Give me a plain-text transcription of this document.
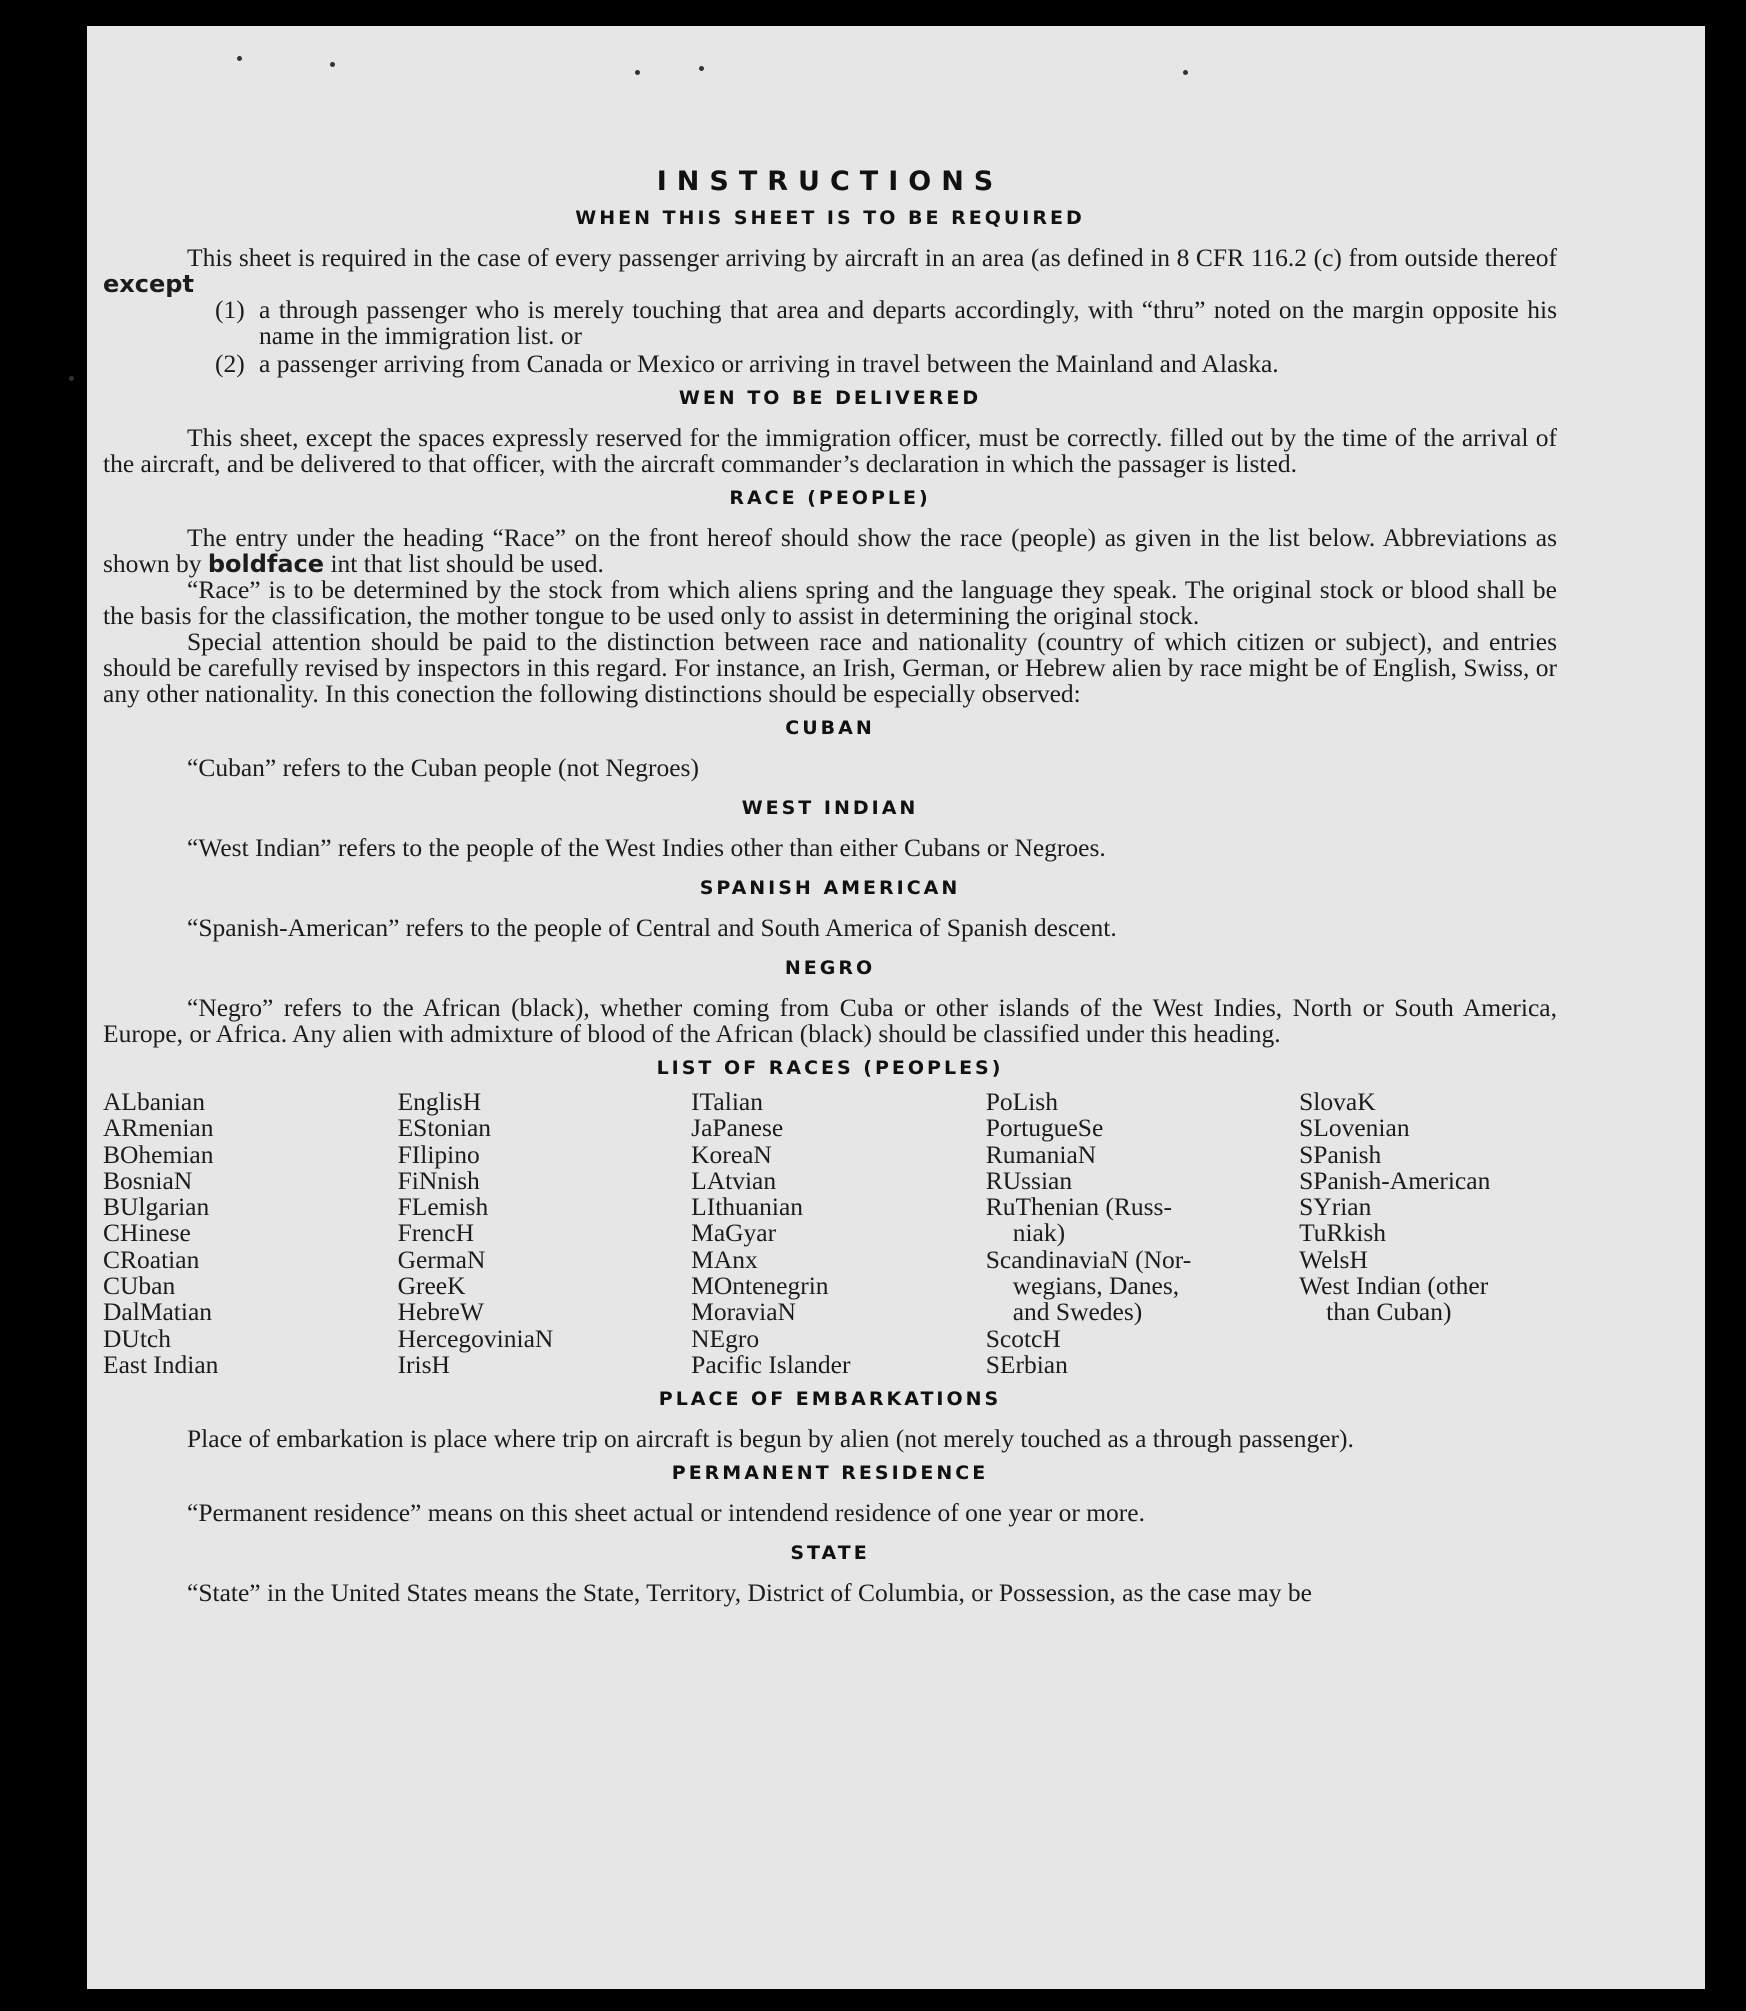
INSTRUCTIONS
WHEN THIS SHEET IS TO BE REQUIRED

This sheet is required in the case of every passenger arriving by aircraft in an area (as defined in 8 CFR 116.2 (c) from outside thereof except

(1) a through passenger who is merely touching that area and departs accordingly, with “thru” noted on the margin opposite his name in the immigration list. or
(2) a passenger arriving from Canada or Mexico or arriving in travel between the Mainland and Alaska.
WEN TO BE DELIVERED

This sheet, except the spaces expressly reserved for the immigration officer, must be correctly. filled out by the time of the arrival of the aircraft, and be delivered to that officer, with the aircraft commander’s declaration in which the passager is listed.

RACE (PEOPLE)

The entry under the heading “Race” on the front hereof should show the race (people) as given in the list below. Abbreviations as shown by boldface int that list should be used.

“Race” is to be determined by the stock from which aliens spring and the language they speak. The original stock or blood shall be the basis for the classification, the mother tongue to be used only to assist in determining the original stock.

Special attention should be paid to the distinction between race and nationality (country of which citizen or subject), and entries should be carefully revised by inspectors in this regard. For instance, an Irish, German, or Hebrew alien by race might be of English, Swiss, or any other nationality. In this conection the following distinctions should be especially observed:

CUBAN

“Cuban” refers to the Cuban people (not Negroes)

WEST INDIAN

“West Indian” refers to the people of the West Indies other than either Cubans or Negroes.

SPANISH AMERICAN

“Spanish-American” refers to the people of Central and South America of Spanish descent.

NEGRO

“Negro” refers to the African (black), whether coming from Cuba or other islands of the West Indies, North or South America, Europe, or Africa. Any alien with admixture of blood of the African (black) should be classified under this heading.

LIST OF RACES (PEOPLES)
ALbanian
ARmenian
BOhemian
BosniaN
BUlgarian
CHinese
CRoatian
CUban
DalMatian
DUtch
East Indian
EnglisH
EStonian
FIlipino
FiNnish
FLemish
FrencH
GermaN
GreeK
HebreW
HercegoviniaN
IrisH
ITalian
JaPanese
KoreaN
LAtvian
LIthuanian
MaGyar
MAnx
MOntenegrin
MoraviaN
NEgro
Pacific Islander
PoLish
PortugueSe
RumaniaN
RUssian
RuThenian (Russ-
niak)
ScandinaviaN (Nor-
wegians, Danes,
and Swedes)
ScotcH
SErbian
SlovaK
SLovenian
SPanish
SPanish-American
SYrian
TuRkish
WelsH
West Indian (other
than Cuban)
PLACE OF EMBARKATIONS

Place of embarkation is place where trip on aircraft is begun by alien (not merely touched as a through passenger).

PERMANENT RESIDENCE

“Permanent residence” means on this sheet actual or intendend residence of one year or more.

STATE

“State” in the United States means the State, Territory, District of Columbia, or Possession, as the case may be
